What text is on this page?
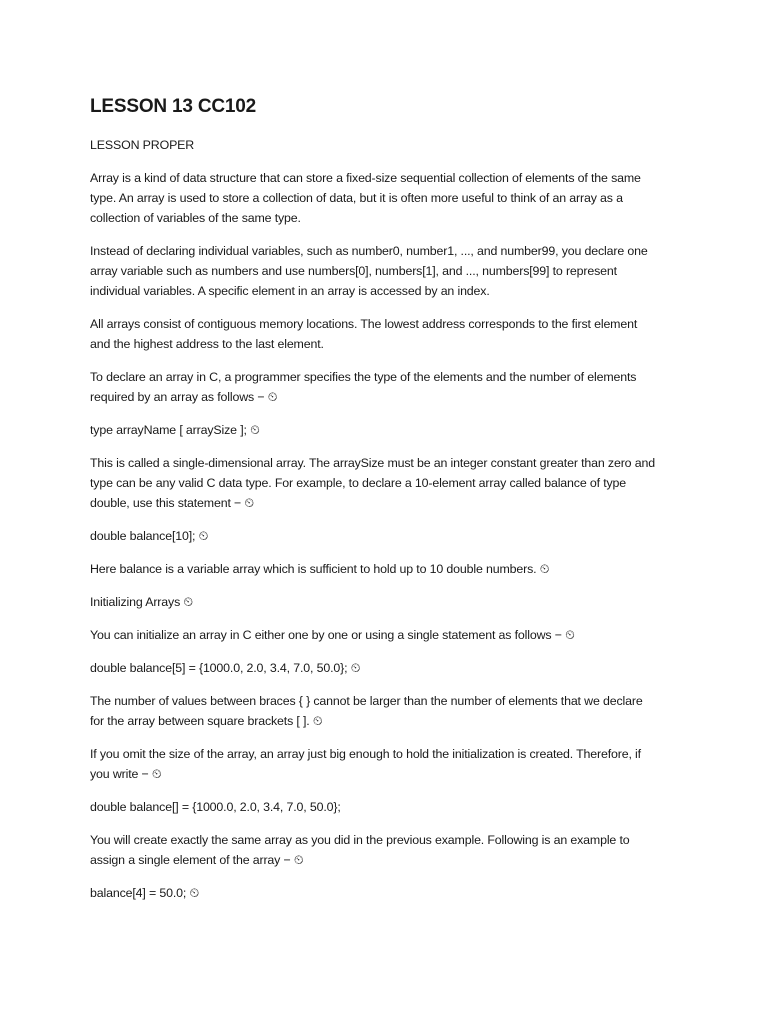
LESSON 13 CC102

LESSON PROPER

Array is a kind of data structure that can store a fixed-size sequential collection of elements of the same
type. An array is used to store a collection of data, but it is often more useful to think of an array as a
collection of variables of the same type.

Instead of declaring individual variables, such as number0, number1, ..., and number99, you declare one
array variable such as numbers and use numbers[0], numbers[1], and ..., numbers[99] to represent
individual variables. A specific element in an array is accessed by an index.

All arrays consist of contiguous memory locations. The lowest address corresponds to the first element
and the highest address to the last element.

To declare an array in C, a programmer specifies the type of the elements and the number of elements
required by an array as follows − ⏲

type arrayName [ arraySize ]; ⏲

This is called a single-dimensional array. The arraySize must be an integer constant greater than zero and
type can be any valid C data type. For example, to declare a 10-element array called balance of type
double, use this statement − ⏲

double balance[10]; ⏲

Here balance is a variable array which is sufficient to hold up to 10 double numbers. ⏲

Initializing Arrays ⏲

You can initialize an array in C either one by one or using a single statement as follows − ⏲

double balance[5] = {1000.0, 2.0, 3.4, 7.0, 50.0}; ⏲

The number of values between braces { } cannot be larger than the number of elements that we declare
for the array between square brackets [ ]. ⏲

If you omit the size of the array, an array just big enough to hold the initialization is created. Therefore, if
you write − ⏲

double balance[] = {1000.0, 2.0, 3.4, 7.0, 50.0};

You will create exactly the same array as you did in the previous example. Following is an example to
assign a single element of the array − ⏲

balance[4] = 50.0; ⏲
